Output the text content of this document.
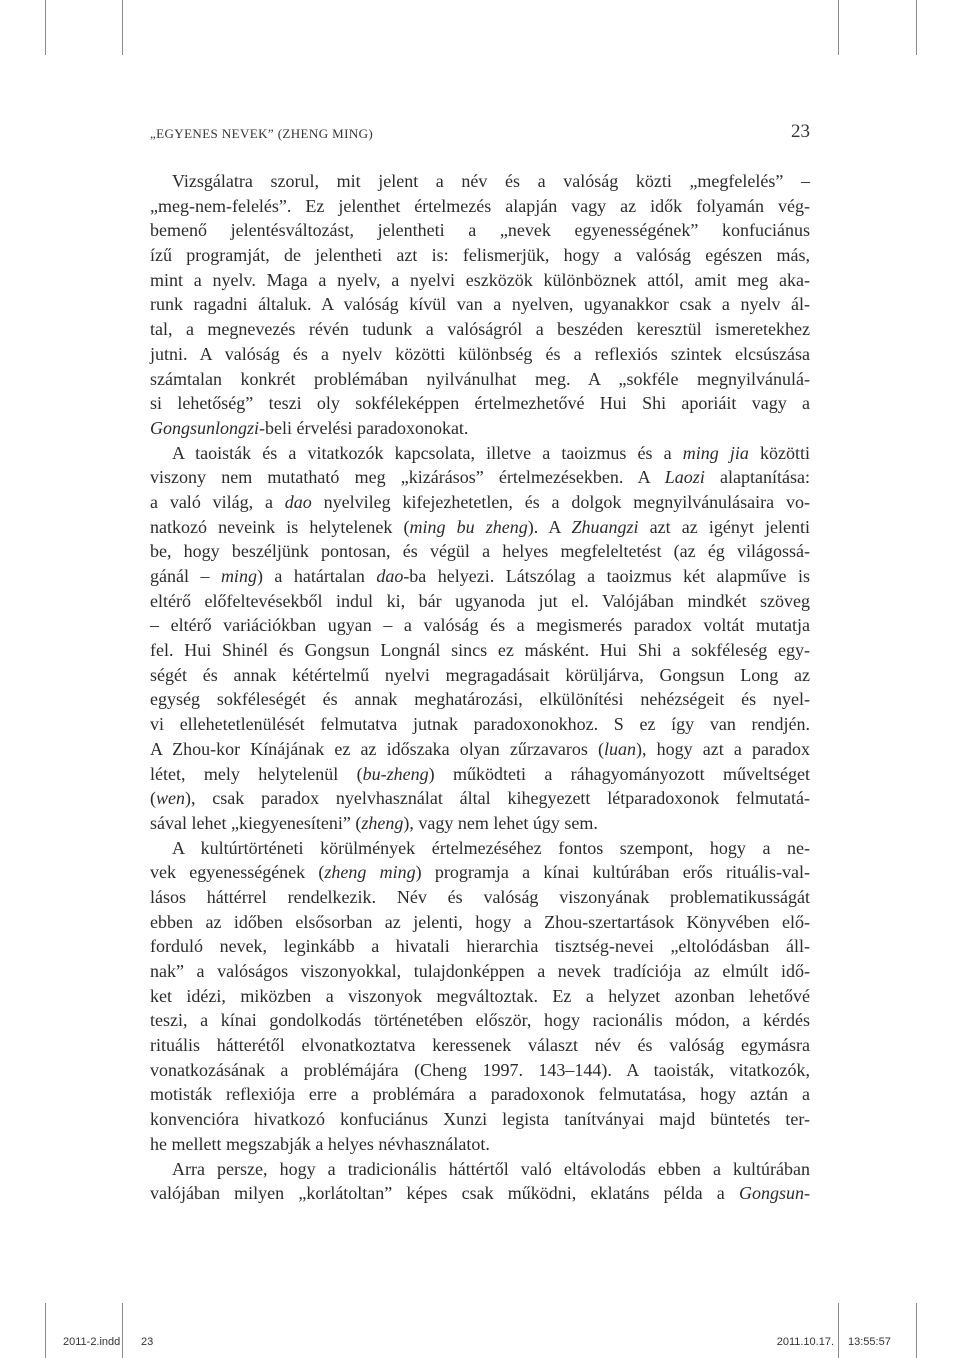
„EGYENES NEVEK” (ZHENG MING)	23
Vizsgálatra szorul, mit jelent a név és a valóság közti „megfelelés” –
„meg-nem-felelés”. Ez jelenthet értelmezés alapján vagy az idők folyamán vég-
bemenő jelentésváltozást, jelentheti a „nevek egyenességének” konfuciánus
ízű programját, de jelentheti azt is: felismerjük, hogy a valóság egészen más,
mint a nyelv. Maga a nyelv, a nyelvi eszközök különböznek attól, amit meg aka-
runk ragadni általuk. A valóság kívül van a nyelven, ugyanakkor csak a nyelv ál-
tal, a megnevezés révén tudunk a valóságról a beszéden keresztül ismeretekhez
jutni. A valóság és a nyelv közötti különbség és a reflexiós szintek elcsúszása
számtalan konkrét problémában nyilvánulhat meg. A „sokféle megnyilvánulá-
si lehetőség” teszi oly sokféleképpen értelmezhetővé Hui Shi aporiáit vagy a
Gongsunlongzi-beli érvelési paradoxonokat.
A taoisták és a vitatkozók kapcsolata, illetve a taoizmus és a ming jia közötti
viszony nem mutatható meg „kizárásos” értelmezésekben. A Laozi alaptanítása:
a való világ, a dao nyelvileg kifejezhetetlen, és a dolgok megnyilvánulásaira vo-
natkozó neveink is helytelenek (ming bu zheng). A Zhuangzi azt az igényt jelenti
be, hogy beszéljünk pontosan, és végül a helyes megfeleltetést (az ég világossá-
gánál – ming) a határtalan dao-ba helyezi. Látszólag a taoizmus két alapműve is
eltérő előfeltevésekből indul ki, bár ugyanoda jut el. Valójában mindkét szöveg
– eltérő variációkban ugyan – a valóság és a megismerés paradox voltát mutatja
fel. Hui Shinél és Gongsun Longnál sincs ez másként. Hui Shi a sokféleség egy-
ségét és annak kétértelmű nyelvi megragadásait körüljárva, Gongsun Long az
egység sokféleségét és annak meghatározási, elkülönítési nehézségeit és nyel-
vi ellehetetlenülését felmutatva jutnak paradoxonokhoz. S ez így van rendjén.
A Zhou-kor Kínájának ez az időszaka olyan zűrzavaros (luan), hogy azt a paradox
létet, mely helytelenül (bu-zheng) működteti a ráhagyományozott műveltséget
(wen), csak paradox nyelvhasználat által kihegyezett létparadoxonok felmutatá-
sával lehet „kiegyenesíteni” (zheng), vagy nem lehet úgy sem.
A kultúrtörténeti körülmények értelmezéséhez fontos szempont, hogy a ne-
vek egyenességének (zheng ming) programja a kínai kultúrában erős rituális-val-
lásos háttérrel rendelkezik. Név és valóság viszonyának problematikusságát
ebben az időben elsősorban az jelenti, hogy a Zhou-szertartások Könyvében elő-
forduló nevek, leginkább a hivatali hierarchia tisztség-nevei „eltolódásban áll-
nak” a valóságos viszonyokkal, tulajdonképpen a nevek tradíciója az elmúlt idő-
ket idézi, miközben a viszonyok megváltoztak. Ez a helyzet azonban lehetővé
teszi, a kínai gondolkodás történetében először, hogy racionális módon, a kérdés
rituális hátterétől elvonatkoztatva keressenek választ név és valóság egymásra
vonatkozásának a problémájára (Cheng 1997. 143–144). A taoisták, vitatkozók,
motisták reflexiója erre a problémára a paradoxonok felmutatása, hogy aztán a
konvencióra hivatkozó konfuciánus Xunzi legista tanítványai majd büntetés ter-
he mellett megszabják a helyes névhasználatot.
Arra persze, hogy a tradicionális háttértől való eltávolodás ebben a kultúrában
valójában milyen „korlátoltan” képes csak működni, eklatáns példa a Gongsun-
2011-2.indd 23	2011.10.17. 13:55:57
